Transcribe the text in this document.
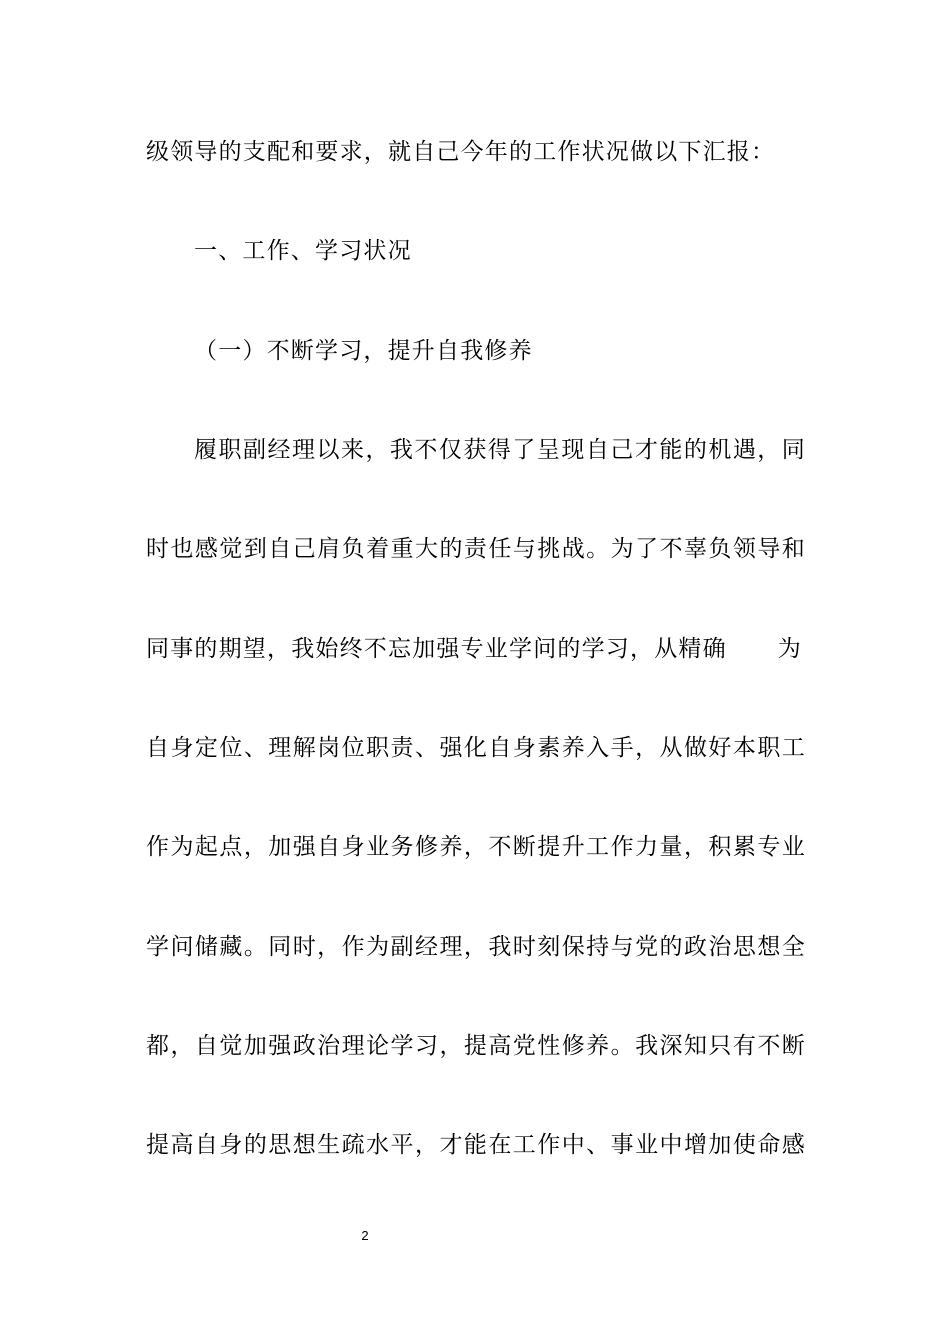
级领导的支配和要求，就自己今年的工作状况做以下汇报：
一、工作、学习状况
（一）不断学习，提升自我修养
履职副经理以来，我不仅获得了呈现自己才能的机遇，同
时也感觉到自己肩负着重大的责任与挑战。为了不辜负领导和
同事的期望，我始终不忘加强专业学问的学习，从精确 为
自身定位、理解岗位职责、强化自身素养入手，从做好本职工
作为起点，加强自身业务修养，不断提升工作力量，积累专业
学问储藏。同时，作为副经理，我时刻保持与党的政治思想全
都，自觉加强政治理论学习，提高党性修养。我深知只有不断
提高自身的思想生疏水平，才能在工作中、事业中增加使命感
2
